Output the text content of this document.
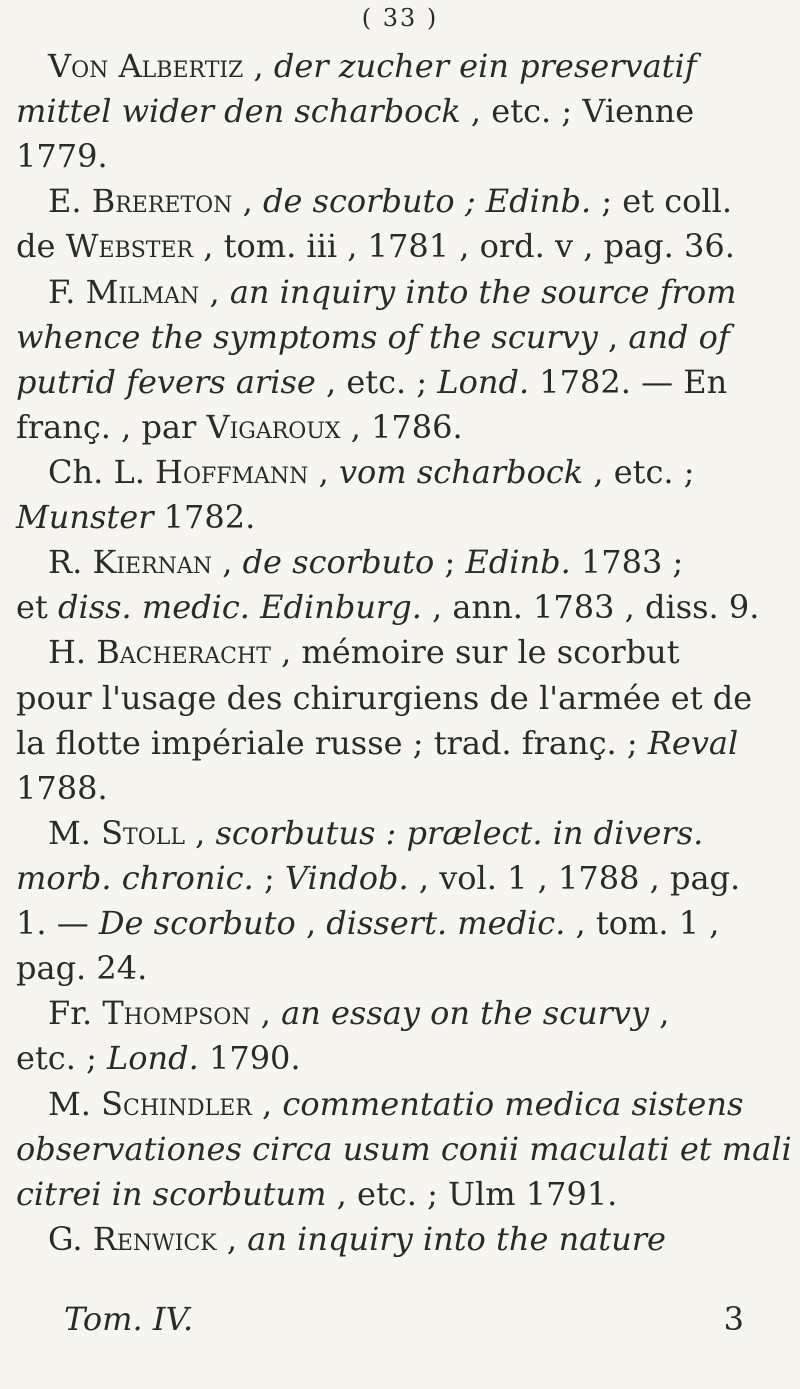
( 33 )
Von Albertiz , der zucher ein preservatif
mittel wider den scharbock , etc. ; Vienne
1779.
E. Brereton , de scorbuto ; Edinb. ; et coll.
de Webster , tom. iii , 1781 , ord. v , pag. 36.
F. Milman , an inquiry into the source from
whence the symptoms of the scurvy , and of
putrid fevers arise , etc. ; Lond. 1782. — En
franç. , par Vigaroux , 1786.
Ch. L. Hoffmann , vom scharbock , etc. ;
Munster 1782.
R. Kiernan , de scorbuto ; Edinb. 1783 ;
et diss. medic. Edinburg. , ann. 1783 , diss. 9.
H. Bacheracht , mémoire sur le scorbut
pour l'usage des chirurgiens de l'armée et de
la flotte impériale russe ; trad. franç. ; Reval
1788.
M. Stoll , scorbutus : prælect. in divers.
morb. chronic. ; Vindob. , vol. 1 , 1788 , pag.
1. — De scorbuto , dissert. medic. , tom. 1 ,
pag. 24.
Fr. Thompson , an essay on the scurvy ,
etc. ; Lond. 1790.
M. Schindler , commentatio medica sistens
observationes circa usum conii maculati et mali
citrei in scorbutum , etc. ; Ulm 1791.
G. Renwick , an inquiry into the nature
Tom. IV.	3
